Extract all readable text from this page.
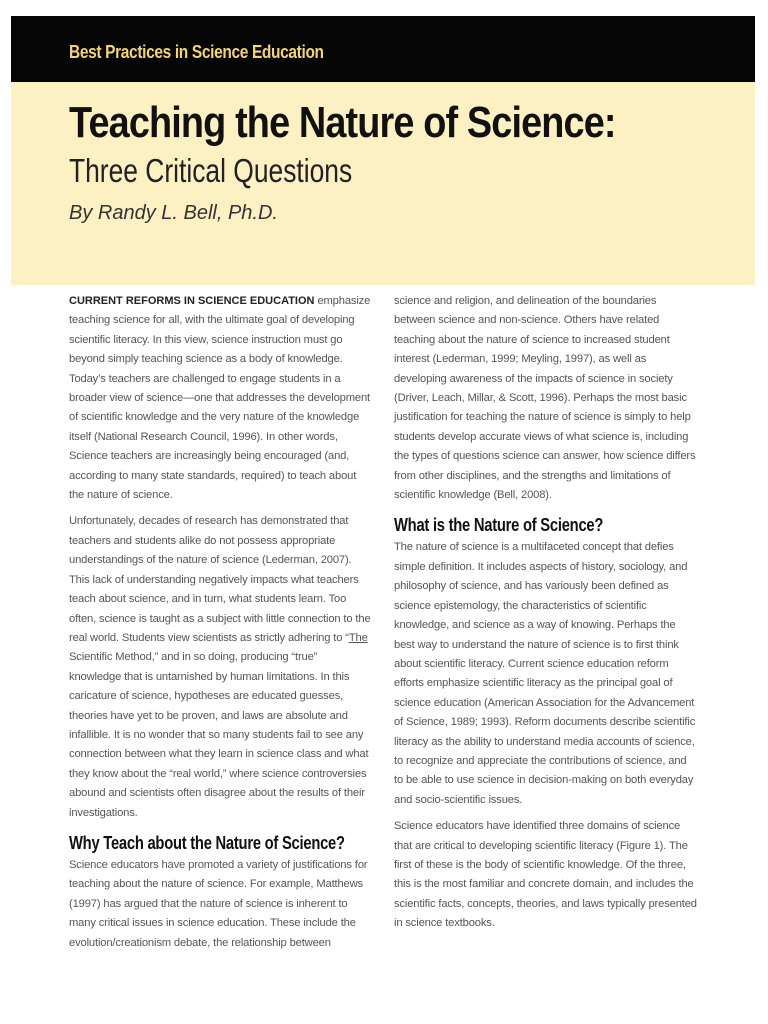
Best Practices in Science Education
Teaching the Nature of Science:
Three Critical Questions

By Randy L. Bell, Ph.D.

CURRENT REFORMS IN SCIENCE EDUCATION emphasize teaching science for all, with the ultimate goal of developing scientific literacy. In this view, science instruction must go beyond simply teaching science as a body of knowledge. Today’s teachers are challenged to engage students in a broader view of science—one that addresses the development of scientific knowledge and the very nature of the knowledge itself (National Research Council, 1996). In other words, Science teachers are increasingly being encouraged (and, according to many state standards, required) to teach about the nature of science.

Unfortunately, decades of research has demonstrated that teachers and students alike do not possess appropriate understandings of the nature of science (Lederman, 2007). This lack of understanding negatively impacts what teachers teach about science, and in turn, what students learn. Too often, science is taught as a subject with little connection to the real world. Students view scientists as strictly adhering to “The Scientific Method,” and in so doing, producing “true” knowledge that is untarnished by human limitations. In this caricature of science, hypotheses are educated guesses, theories have yet to be proven, and laws are absolute and infallible. It is no wonder that so many students fail to see any connection between what they learn in science class and what they know about the “real world,” where science controversies abound and scientists often disagree about the results of their investigations.

Why Teach about the Nature of Science?

Science educators have promoted a variety of justifications for teaching about the nature of science. For example, Matthews (1997) has argued that the nature of science is inherent to many critical issues in science education. These include the evolution/creationism debate, the relationship between

science and religion, and delineation of the boundaries between science and non-science. Others have related teaching about the nature of science to increased student interest (Lederman, 1999; Meyling, 1997), as well as developing awareness of the impacts of science in society (Driver, Leach, Millar, & Scott, 1996). Perhaps the most basic justification for teaching the nature of science is simply to help students develop accurate views of what science is, including the types of questions science can answer, how science differs from other disciplines, and the strengths and limitations of scientific knowledge (Bell, 2008).

What is the Nature of Science?

The nature of science is a multifaceted concept that defies simple definition. It includes aspects of history, sociology, and philosophy of science, and has variously been defined as science epistemology, the characteristics of scientific knowledge, and science as a way of knowing. Perhaps the best way to understand the nature of science is to first think about scientific literacy. Current science education reform efforts emphasize scientific literacy as the principal goal of science education (American Association for the Advancement of Science, 1989; 1993). Reform documents describe scientific literacy as the ability to understand media accounts of science, to recognize and appreciate the contributions of science, and to be able to use science in decision-making on both everyday and socio-scientific issues.

Science educators have identified three domains of science that are critical to developing scientific literacy (Figure 1). The first of these is the body of scientific knowledge. Of the three, this is the most familiar and concrete domain, and includes the scientific facts, concepts, theories, and laws typically presented in science textbooks.
